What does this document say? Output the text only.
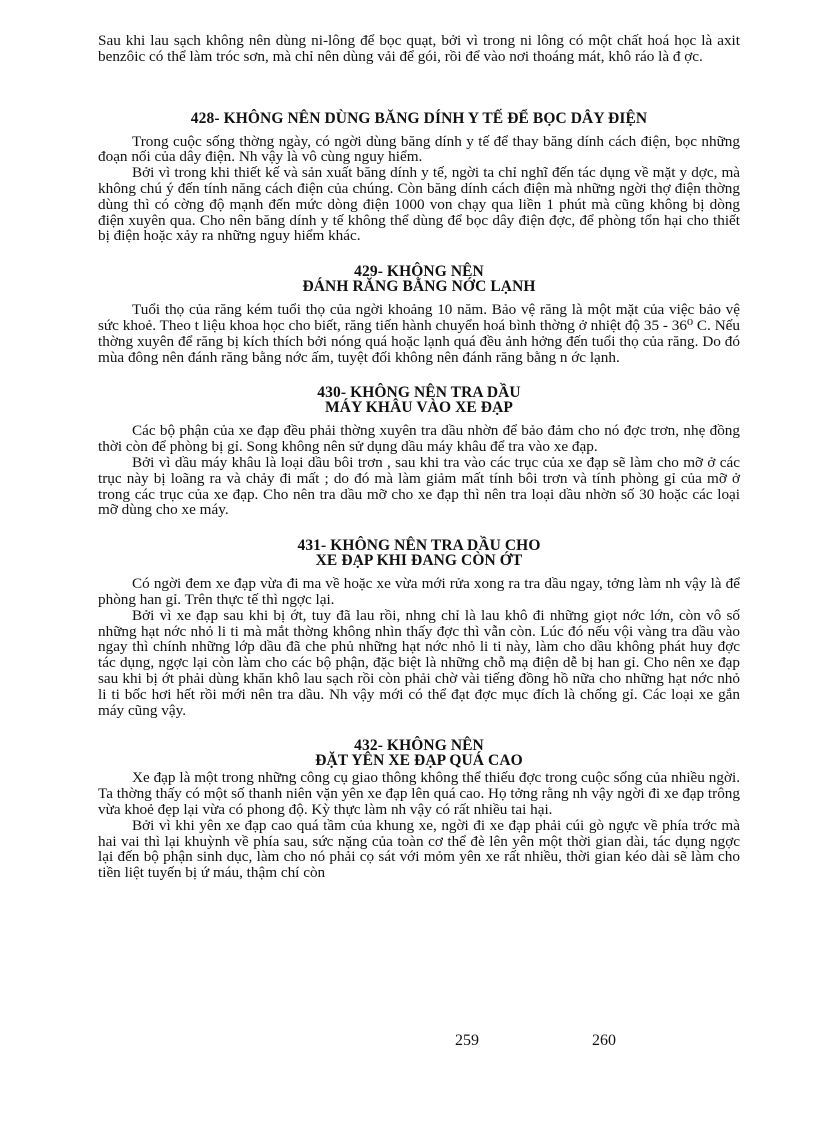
Sau khi lau sạch không nên dùng ni-lông để bọc quạt, bởi vì trong ni lông có một chất hoá học là axit benzôic có thể làm tróc sơn, mà chỉ nên dùng vải để gói, rồi để vào nơi thoáng mát, khô ráo là đ ợc.

428- KHÔNG NÊN DÙNG BĂNG DÍNH Y TẾ ĐỂ BỌC DÂY ĐIỆN

Trong cuộc sống thờng ngày, có ngời dùng băng dính y tế để thay băng dính cách điện, bọc những đoạn nối của dây điện. Nh vậy là vô cùng nguy hiểm.

Bởi vì trong khi thiết kế và sản xuất băng dính y tế, ngời ta chỉ nghĩ đến tác dụng về mặt y dợc, mà không chú ý đến tính năng cách điện của chúng. Còn băng dính cách điện mà những ngời thợ điện thờng dùng thì có cờng độ mạnh đến mức dòng điện 1000 von chạy qua liền 1 phút mà cũng không bị dòng điện xuyên qua. Cho nên băng dính y tế không thể dùng để bọc dây điện đợc, để phòng tổn hại cho thiết bị điện hoặc xảy ra những nguy hiểm khác.

429- KHÔNG NÊN
ĐÁNH RĂNG BẰNG NỚC LẠNH

Tuổi thọ của răng kém tuổi thọ của ngời khoảng 10 năm. Bảo vệ răng là một mặt của việc bảo vệ sức khoẻ. Theo t liệu khoa học cho biết, răng tiến hành chuyển hoá bình thờng ở nhiệt độ 35 - 36⁰ C. Nếu thờng xuyên để răng bị kích thích bởi nóng quá hoặc lạnh quá đều ảnh hởng đến tuổi thọ của răng. Do đó mùa đông nên đánh răng bằng nớc ấm, tuyệt đối không nên đánh răng bằng n ớc lạnh.

430- KHÔNG NÊN TRA DẦU
MÁY KHÂU VÀO XE ĐẠP

Các bộ phận của xe đạp đều phải thờng xuyên tra dầu nhờn để bảo đảm cho nó đợc trơn, nhẹ đồng thời còn để phòng bị gỉ. Song không nên sử dụng dầu máy khâu để tra vào xe đạp.

Bởi vì dầu máy khâu là loại dầu bôi trơn , sau khi tra vào các trục của xe đạp sẽ làm cho mỡ ở các trục này bị loãng ra và chảy đi mất ; do đó mà làm giảm mất tính bôi trơn và tính phòng gỉ của mỡ ở trong các trục của xe đạp. Cho nên tra dầu mỡ cho xe đạp thì nên tra loại dầu nhờn số 30 hoặc các loại mỡ dùng cho xe máy.

431- KHÔNG NÊN TRA DẦU CHO
XE ĐẠP KHI ĐANG CÒN ỚT

Có ngời đem xe đạp vừa đi ma về hoặc xe vừa mới rửa xong ra tra dầu ngay, tởng làm nh vậy là để phòng han gỉ. Trên thực tế thì ngợc lại.

Bởi vì xe đạp sau khi bị ớt, tuy đã lau rồi, nhng chỉ là lau khô đi những giọt nớc lớn, còn vô số những hạt nớc nhỏ li ti mà mắt thờng không nhìn thấy đợc thì vẫn còn. Lúc đó nếu vội vàng tra dầu vào ngay thì chính những lớp dầu đã che phủ những hạt nớc nhỏ li ti này, làm cho dầu không phát huy đợc tác dụng, ngợc lại còn làm cho các bộ phận, đặc biệt là những chỗ mạ điện dễ bị han gỉ. Cho nên xe đạp sau khi bị ớt phải dùng khăn khô lau sạch rồi còn phải chờ vài tiếng đồng hồ nữa cho những hạt nớc nhỏ li ti bốc hơi hết rồi mới nên tra dầu. Nh vậy mới có thể đạt đợc mục đích là chống gỉ. Các loại xe gắn máy cũng vậy.

432- KHÔNG NÊN
ĐẶT YÊN XE ĐẠP QUÁ CAO

Xe đạp là một trong những công cụ giao thông không thể thiếu đợc trong cuộc sống của nhiều ngời. Ta thờng thấy có một số thanh niên vặn yên xe đạp lên quá cao. Họ tởng rằng nh vậy ngời đi xe đạp trông vừa khoẻ đẹp lại vừa có phong độ. Kỳ thực làm nh vậy có rất nhiều tai hại.

Bởi vì khi yên xe đạp cao quá tầm của khung xe, ngời đi xe đạp phải cúi gò ngực về phía trớc mà hai vai thì lại khuỳnh về phía sau, sức nặng của toàn cơ thể đè lên yên một thời gian dài, tác dụng ngợc lại đến bộ phận sinh dục, làm cho nó phải cọ sát với mỏm yên xe rất nhiều, thời gian kéo dài sẽ làm cho tiền liệt tuyến bị ứ máu, thậm chí còn

259	260
